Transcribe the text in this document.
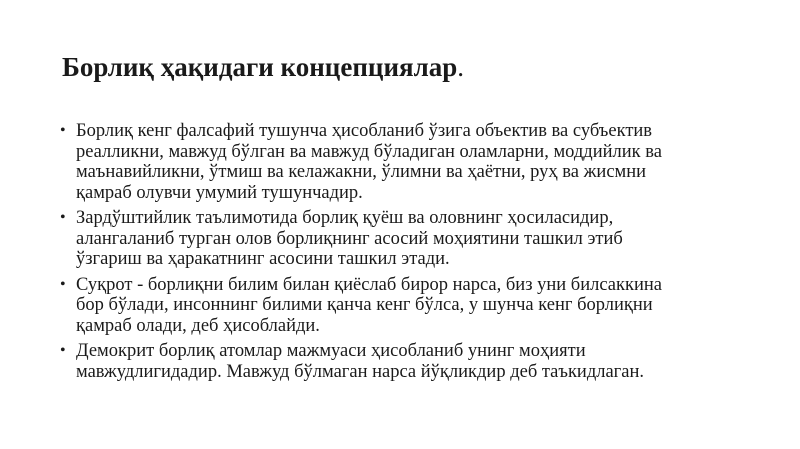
Борлиқ ҳақидаги концепциялар.
• Борлиқ кенг фалсафий тушунча ҳисобланиб ўзига объектив ва субъектив
реалликни, мавжуд бўлган ва мавжуд бўладиган оламларни, моддийлик ва
маънавийликни, ўтмиш ва келажакни, ўлимни ва ҳаётни, руҳ ва жисмни
қамраб олувчи умумий тушунчадир.
• Зардўштийлик таълимотида борлиқ қуёш ва оловнинг ҳосиласидир,
алангаланиб турган олов борлиқнинг асосий моҳиятини ташкил этиб
ўзгариш ва ҳаракатнинг асосини ташкил этади.
• Суқрот - борлиқни билим билан қиёслаб бирор нарса, биз уни билсаккина
бор бўлади, инсоннинг билими қанча кенг бўлса, у шунча кенг борлиқни
қамраб олади, деб ҳисоблайди.
• Демокрит борлиқ атомлар мажмуаси ҳисобланиб унинг моҳияти
мавжудлигидадир. Мавжуд бўлмаган нарса йўқликдир деб таъкидлаган.
